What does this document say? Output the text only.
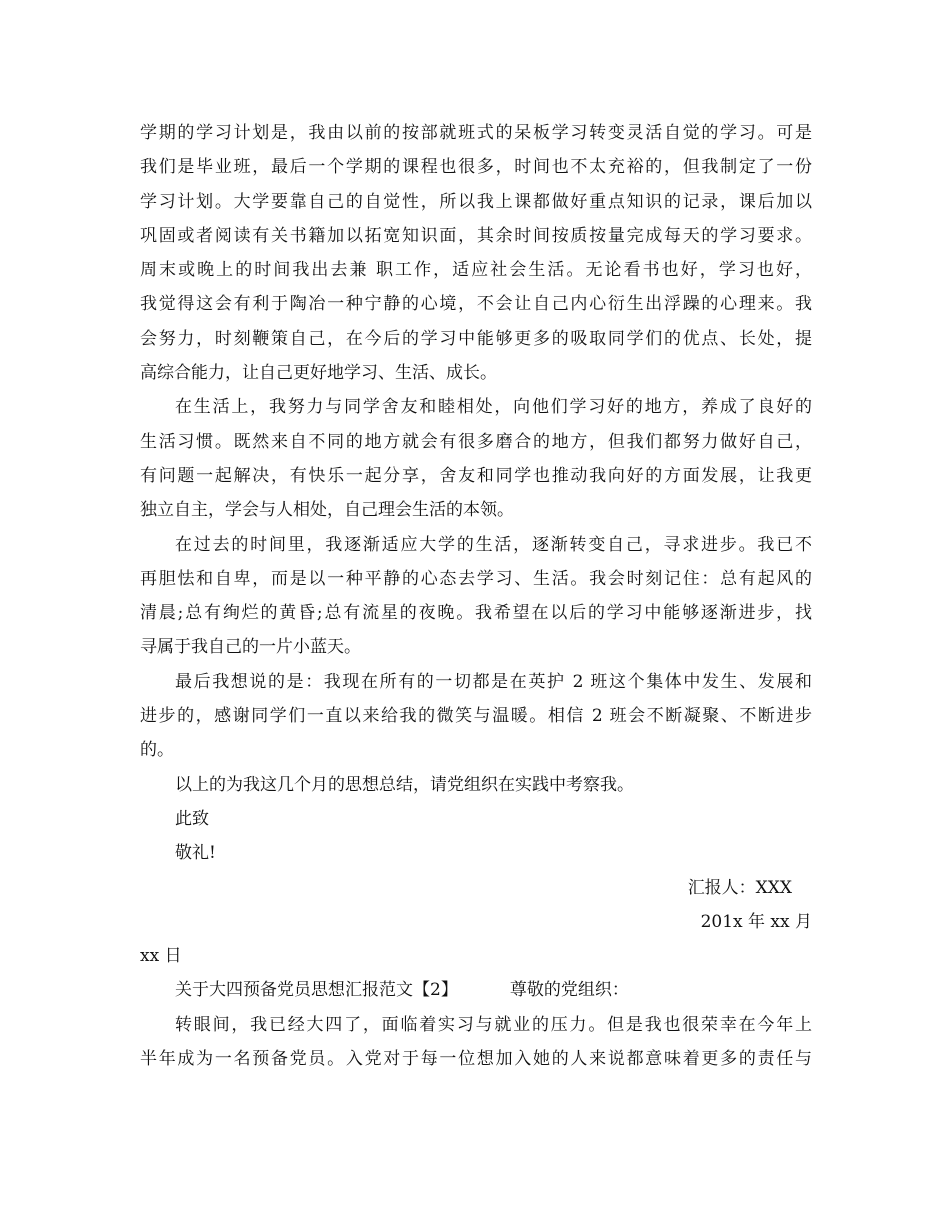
学期的学习计划是，我由以前的按部就班式的呆板学习转变灵活自觉的学习。可是
我们是毕业班，最后一个学期的课程也很多，时间也不太充裕的，但我制定了一份
学习计划。大学要靠自己的自觉性，所以我上课都做好重点知识的记录，课后加以
巩固或者阅读有关书籍加以拓宽知识面，其余时间按质按量完成每天的学习要求。
周末或晚上的时间我出去兼 职工作，适应社会生活。无论看书也好，学习也好，
我觉得这会有利于陶冶一种宁静的心境，不会让自己内心衍生出浮躁的心理来。我
会努力，时刻鞭策自己，在今后的学习中能够更多的吸取同学们的优点、长处，提
高综合能力，让自己更好地学习、生活、成长。
在生活上，我努力与同学舍友和睦相处，向他们学习好的地方，养成了良好的
生活习惯。既然来自不同的地方就会有很多磨合的地方，但我们都努力做好自己，
有问题一起解决，有快乐一起分享，舍友和同学也推动我向好的方面发展，让我更
独立自主，学会与人相处，自己理会生活的本领。
在过去的时间里，我逐渐适应大学的生活，逐渐转变自己，寻求进步。我已不
再胆怯和自卑，而是以一种平静的心态去学习、生活。我会时刻记住：总有起风的
清晨;总有绚烂的黄昏;总有流星的夜晚。我希望在以后的学习中能够逐渐进步，找
寻属于我自己的一片小蓝天。
最后我想说的是：我现在所有的一切都是在英护 2 班这个集体中发生、发展和
进步的，感谢同学们一直以来给我的微笑与温暖。相信 2 班会不断凝聚、不断进步
的。
以上的为我这几个月的思想总结，请党组织在实践中考察我。
此致
敬礼!
汇报人：XXX
201x 年 xx 月
xx 日
关于大四预备党员思想汇报范文【2】	尊敬的党组织：
转眼间，我已经大四了，面临着实习与就业的压力。但是我也很荣幸在今年上
半年成为一名预备党员。入党对于每一位想加入她的人来说都意味着更多的责任与
